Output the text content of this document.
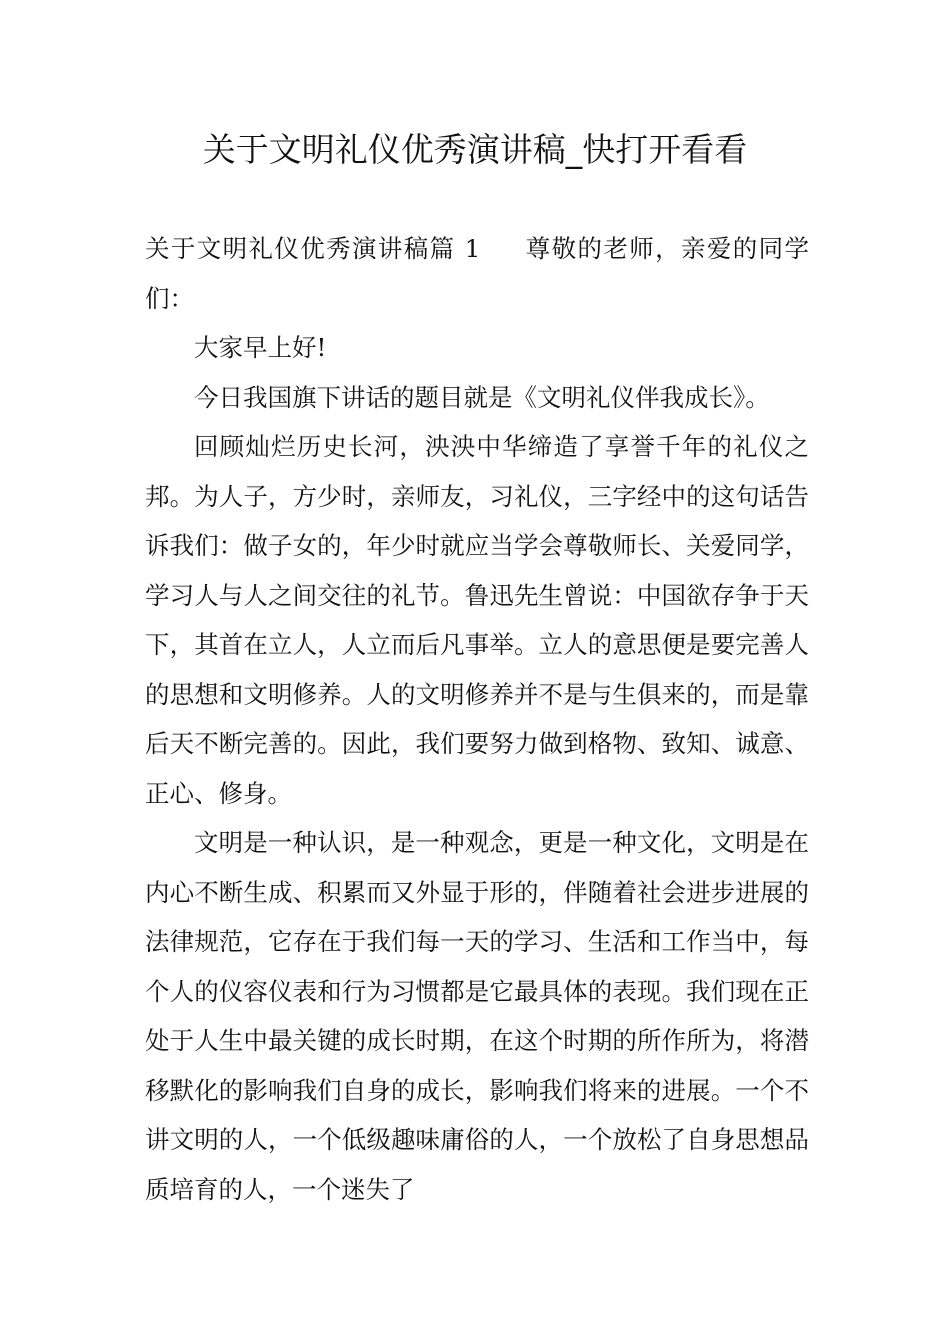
关于文明礼仪优秀演讲稿_快打开看看

关于文明礼仪优秀演讲稿篇 1 尊敬的老师，亲爱的同学们：

大家早上好!

今日我国旗下讲话的题目就是《文明礼仪伴我成长》。

回顾灿烂历史长河，泱泱中华缔造了享誉千年的礼仪之邦。为人子，方少时，亲师友，习礼仪，三字经中的这句话告诉我们：做子女的，年少时就应当学会尊敬师长、关爱同学，学习人与人之间交往的礼节。鲁迅先生曾说：中国欲存争于天下，其首在立人，人立而后凡事举。立人的意思便是要完善人的思想和文明修养。人的文明修养并不是与生俱来的，而是靠后天不断完善的。因此，我们要努力做到格物、致知、诚意、正心、修身。

文明是一种认识，是一种观念，更是一种文化，文明是在内心不断生成、积累而又外显于形的，伴随着社会进步进展的法律规范，它存在于我们每一天的学习、生活和工作当中，每个人的仪容仪表和行为习惯都是它最具体的表现。我们现在正处于人生中最关键的成长时期，在这个时期的所作所为，将潜移默化的影响我们自身的成长，影响我们将来的进展。一个不讲文明的人，一个低级趣味庸俗的人，一个放松了自身思想品质培育的人，一个迷失了
